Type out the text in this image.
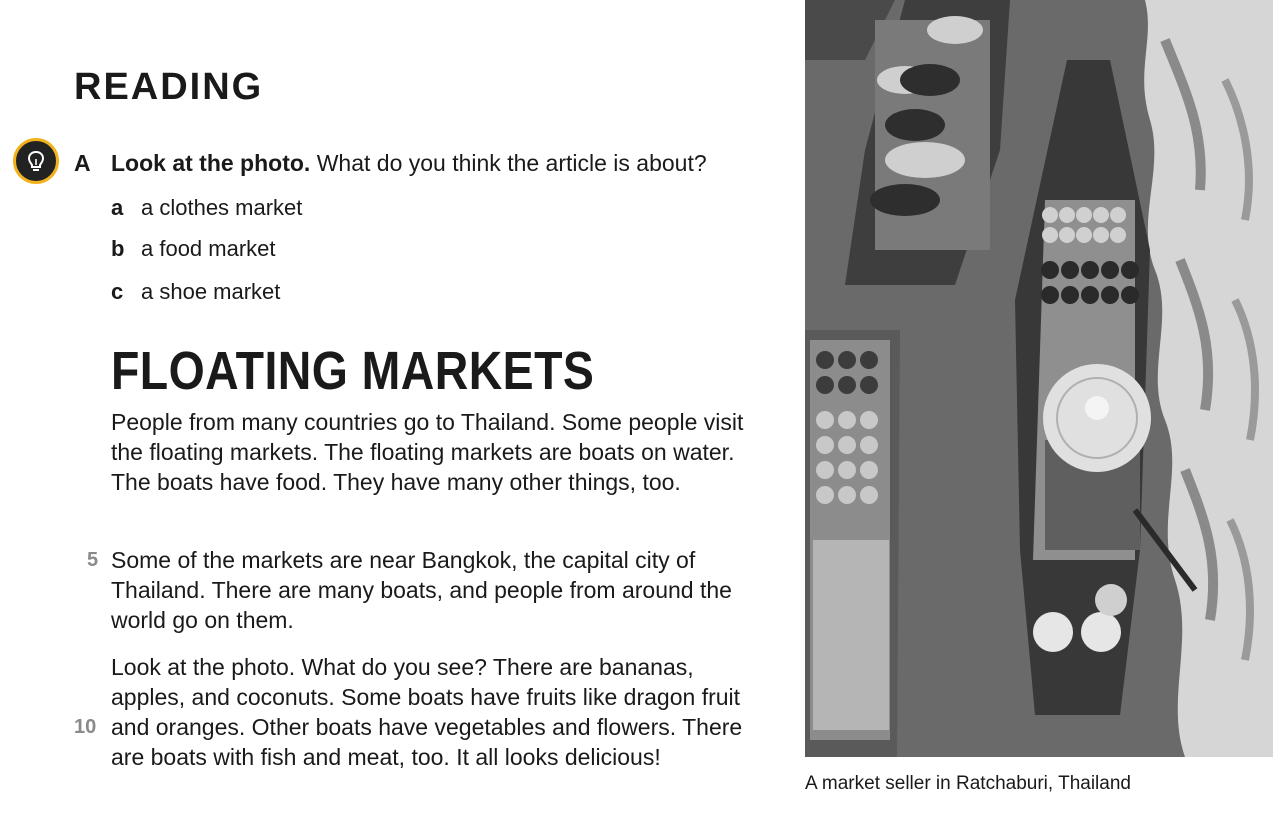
READING
A Look at the photo. What do you think the article is about?
a a clothes market
b a food market
c a shoe market
FLOATING MARKETS

People from many countries go to Thailand. Some people visit the floating markets. The floating markets are boats on water. The boats have food. They have many other things, too.

5 Some of the markets are near Bangkok, the capital city of Thailand. There are many boats, and people from around the world go on them.

10

Look at the photo. What do you see? There are bananas, apples, and coconuts. Some boats have fruits like dragon fruit and oranges. Other boats have vegetables and flowers. There are boats with fish and meat, too. It all looks delicious!

A market seller in Ratchaburi, Thailand
